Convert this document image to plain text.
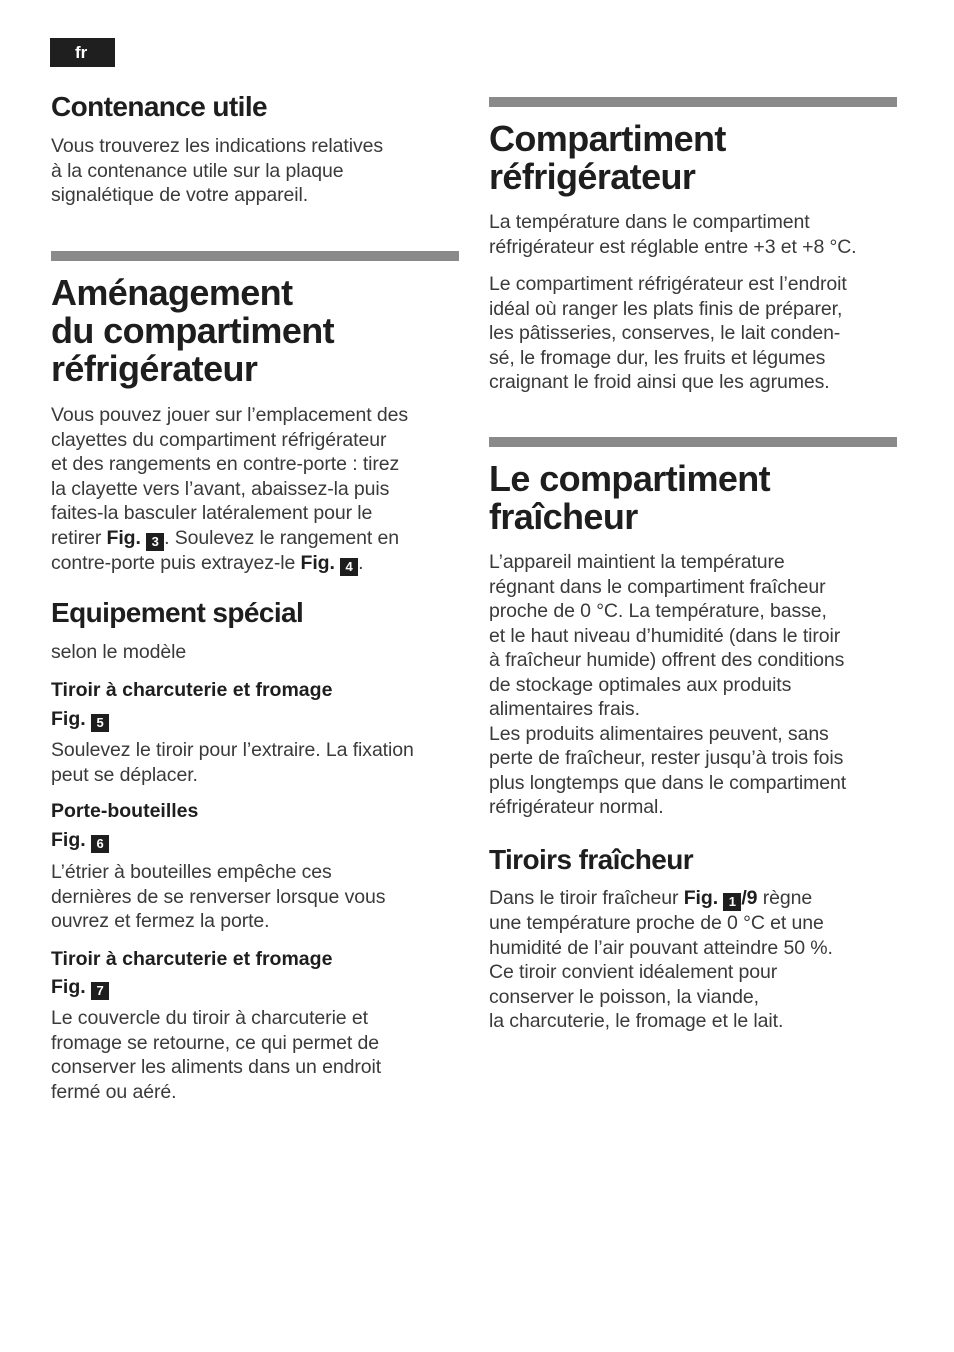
fr
Contenance utile

Vous trouverez les indications relatives
à la contenance utile sur la plaque
signalétique de votre appareil.

Aménagement
du compartiment
réfrigérateur

Vous pouvez jouer sur l’emplacement des
clayettes du compartiment réfrigérateur
et des rangements en contre-porte : tirez
la clayette vers l’avant, abaissez-la puis
faites-la basculer latéralement pour le
retirer Fig. 3 . Soulevez le rangement en
contre-porte puis extrayez-le Fig. 4 .

Equipement spécial

selon le modèle

Tiroir à charcuterie et fromage

Fig. 5

Soulevez le tiroir pour l’extraire. La fixation
peut se déplacer.

Porte-bouteilles

Fig. 6

L’étrier à bouteilles empêche ces
dernières de se renverser lorsque vous
ouvrez et fermez la porte.

Tiroir à charcuterie et fromage

Fig. 7

Le couvercle du tiroir à charcuterie et
fromage se retourne, ce qui permet de
conserver les aliments dans un endroit
fermé ou aéré.

Compartiment
réfrigérateur

La température dans le compartiment
réfrigérateur est réglable entre +3 et +8 °C.

Le compartiment réfrigérateur est l’endroit
idéal où ranger les plats finis de préparer,
les pâtisseries, conserves, le lait conden-
sé, le fromage dur, les fruits et légumes
craignant le froid ainsi que les agrumes.

Le compartiment
fraîcheur

L’appareil maintient la température
régnant dans le compartiment fraîcheur
proche de 0 °C. La température, basse,
et le haut niveau d’humidité (dans le tiroir
à fraîcheur humide) offrent des conditions
de stockage optimales aux produits
alimentaires frais.
Les produits alimentaires peuvent, sans
perte de fraîcheur, rester jusqu’à trois fois
plus longtemps que dans le compartiment
réfrigérateur normal.

Tiroirs fraîcheur

Dans le tiroir fraîcheur Fig. 1 /9 règne
une température proche de 0 °C et une
humidité de l’air pouvant atteindre 50 %.
Ce tiroir convient idéalement pour
conserver le poisson, la viande,
la charcuterie, le fromage et le lait.
